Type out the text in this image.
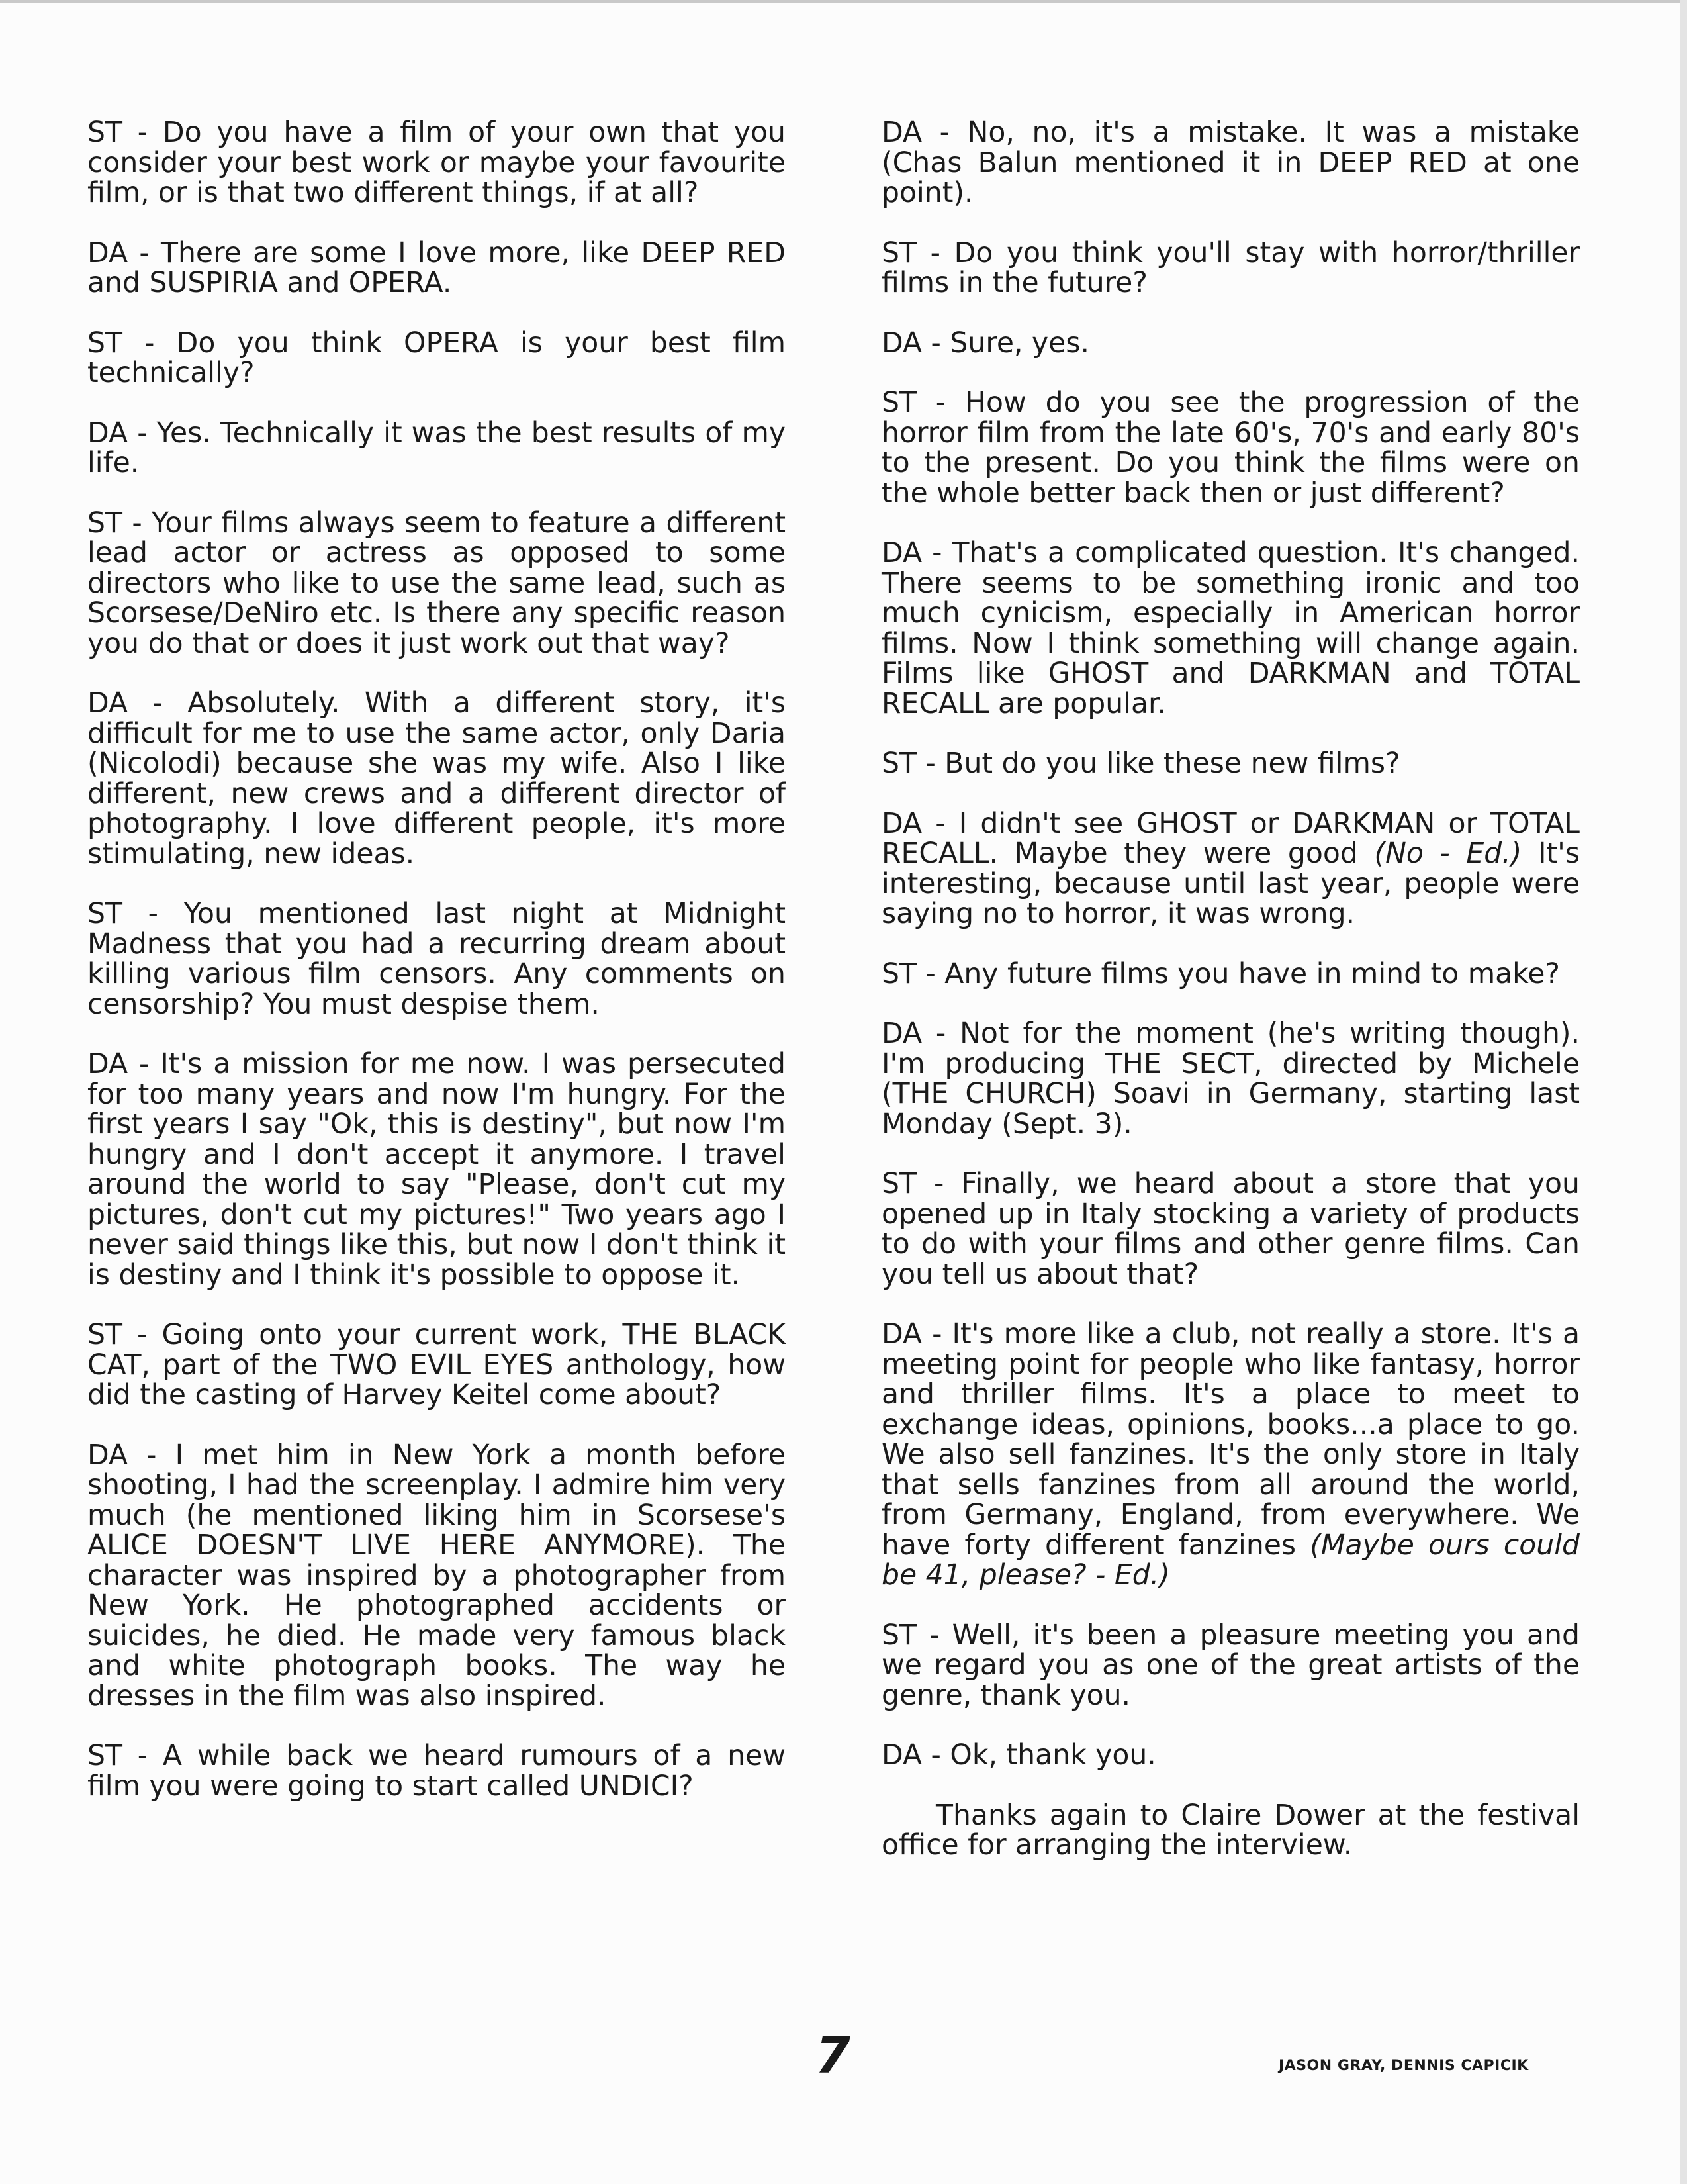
ST - Do you have a film of your own that you consider your best work or maybe your favourite film, or is that two different things, if at all?

DA - There are some I love more, like DEEP RED and SUSPIRIA and OPERA.

ST - Do you think OPERA is your best film technically?

DA - Yes. Technically it was the best results of my life.

ST - Your films always seem to feature a different lead actor or actress as opposed to some directors who like to use the same lead, such as Scorsese/DeNiro etc. Is there any specific reason you do that or does it just work out that way?

DA - Absolutely. With a different story, it's difficult for me to use the same actor, only Daria (Nicolodi) because she was my wife. Also I like different, new crews and a different director of photography. I love different people, it's more stimulating, new ideas.

ST - You mentioned last night at Midnight Madness that you had a recurring dream about killing various film censors. Any comments on censorship? You must despise them.

DA - It's a mission for me now. I was persecuted for too many years and now I'm hungry. For the first years I say "Ok, this is destiny", but now I'm hungry and I don't accept it anymore. I travel around the world to say "Please, don't cut my pictures, don't cut my pictures!" Two years ago I never said things like this, but now I don't think it is destiny and I think it's possible to oppose it.

ST - Going onto your current work, THE BLACK CAT, part of the TWO EVIL EYES anthology, how did the casting of Harvey Keitel come about?

DA - I met him in New York a month before shooting, I had the screenplay. I admire him very much (he mentioned liking him in Scorsese's ALICE DOESN'T LIVE HERE ANYMORE). The character was inspired by a photographer from New York. He photographed accidents or suicides, he died. He made very famous black and white photograph books. The way he dresses in the film was also inspired.

ST - A while back we heard rumours of a new film you were going to start called UNDICI?

DA - No, no, it's a mistake. It was a mistake (Chas Balun mentioned it in DEEP RED at one point).

ST - Do you think you'll stay with horror/thriller films in the future?

DA - Sure, yes.

ST - How do you see the progression of the horror film from the late 60's, 70's and early 80's to the present. Do you think the films were on the whole better back then or just different?

DA - That's a complicated question. It's changed. There seems to be something ironic and too much cynicism, especially in American horror films. Now I think something will change again. Films like GHOST and DARKMAN and TOTAL RECALL are popular.

ST - But do you like these new films?

DA - I didn't see GHOST or DARKMAN or TOTAL RECALL. Maybe they were good (No - Ed.) It's interesting, because until last year, people were saying no to horror, it was wrong.

ST - Any future films you have in mind to make?

DA - Not for the moment (he's writing though). I'm producing THE SECT, directed by Michele (THE CHURCH) Soavi in Germany, starting last Monday (Sept. 3).

ST - Finally, we heard about a store that you opened up in Italy stocking a variety of products to do with your films and other genre films. Can you tell us about that?

DA - It's more like a club, not really a store. It's a meeting point for people who like fantasy, horror and thriller films. It's a place to meet to exchange ideas, opinions, books...a place to go. We also sell fanzines. It's the only store in Italy that sells fanzines from all around the world, from Germany, England, from everywhere. We have forty different fanzines (Maybe ours could be 41, please? - Ed.)

ST - Well, it's been a pleasure meeting you and we regard you as one of the great artists of the genre, thank you.

DA - Ok, thank you.

Thanks again to Claire Dower at the festival office for arranging the interview.

7	JASON GRAY, DENNIS CAPICIK
